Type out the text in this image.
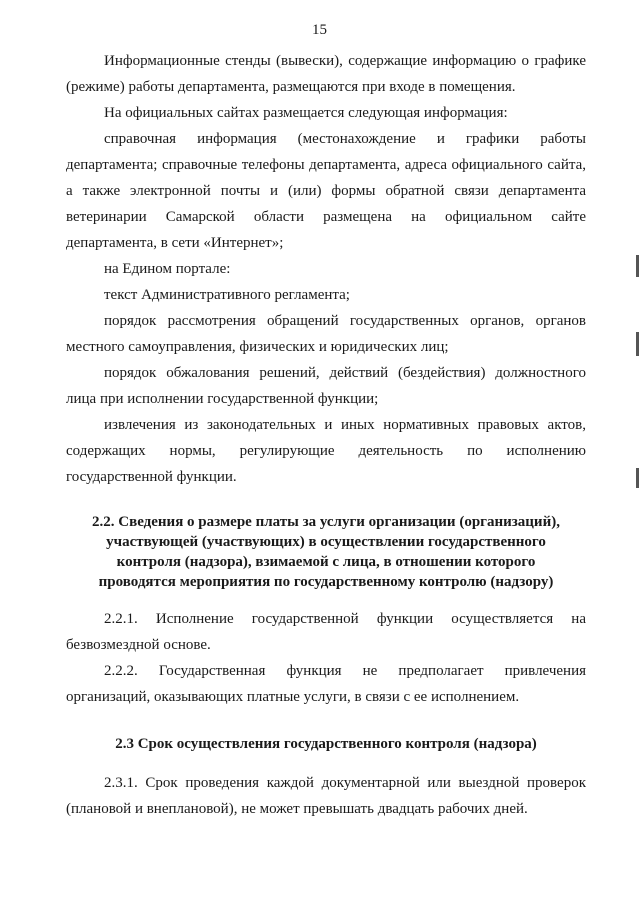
15

Информационные стенды (вывески), содержащие информацию о графике (режиме) работы департамента, размещаются при входе в помещения.

На официальных сайтах размещается следующая информация:

справочная информация (местонахождение и графики работы департамента; справочные телефоны департамента, адреса официального сайта, а также электронной почты и (или) формы обратной связи департамента ветеринарии Самарской области размещена на официальном сайте департамента, в сети «Интернет»;

на Едином портале:

текст Административного регламента;

порядок рассмотрения обращений государственных органов, органов местного самоуправления, физических и юридических лиц;

порядок обжалования решений, действий (бездействия) должностного лица при исполнении государственной функции;

извлечения из законодательных и иных нормативных правовых актов, содержащих нормы, регулирующие деятельность по исполнению государственной функции.

2.2. Сведения о размере платы за услуги организации (организаций), участвующей (участвующих) в осуществлении государственного контроля (надзора), взимаемой с лица, в отношении которого проводятся мероприятия по государственному контролю (надзору)

2.2.1. Исполнение государственной функции осуществляется на безвозмездной основе.

2.2.2. Государственная функция не предполагает привлечения организаций, оказывающих платные услуги, в связи с ее исполнением.

2.3 Срок осуществления государственного контроля (надзора)

2.3.1. Срок проведения каждой документарной или выездной проверок (плановой и внеплановой), не может превышать двадцать рабочих дней.
